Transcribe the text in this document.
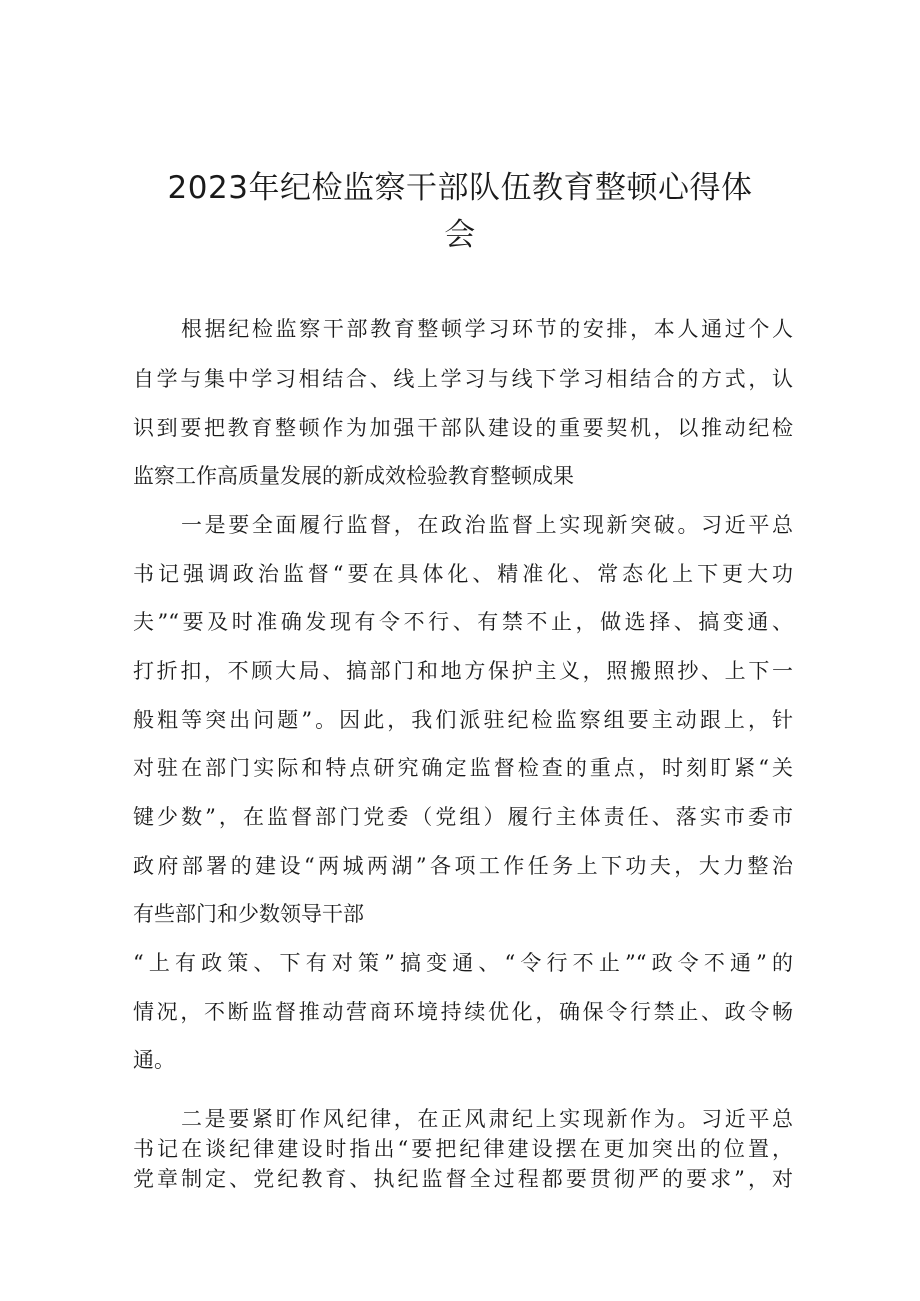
2023年纪检监察干部队伍教育整顿心得体
会

根据纪检监察干部教育整顿学习环节的安排，本人通过个人

自学与集中学习相结合、线上学习与线下学习相结合的方式，认

识到要把教育整顿作为加强干部队建设的重要契机，以推动纪检

监察工作高质量发展的新成效检验教育整顿成果

一是要全面履行监督，在政治监督上实现新突破。习近平总

书记强调政治监督“要在具体化、精准化、常态化上下更大功

夫”“要及时准确发现有令不行、有禁不止，做选择、搞变通、

打折扣，不顾大局、搞部门和地方保护主义，照搬照抄、上下一

般粗等突出问题”。因此，我们派驻纪检监察组要主动跟上，针

对驻在部门实际和特点研究确定监督检查的重点，时刻盯紧“关

键少数”，在监督部门党委（党组）履行主体责任、落实市委市

政府部署的建设“两城两湖”各项工作任务上下功夫，大力整治

有些部门和少数领导干部

“上有政策、下有对策”搞变通、“令行不止”“政令不通”的

情况，不断监督推动营商环境持续优化，确保令行禁止、政令畅

通。

二是要紧盯作风纪律，在正风肃纪上实现新作为。习近平总

书记在谈纪律建设时指出“要把纪律建设摆在更加突出的位置，

党章制定、党纪教育、执纪监督全过程都要贯彻严的要求”，对
